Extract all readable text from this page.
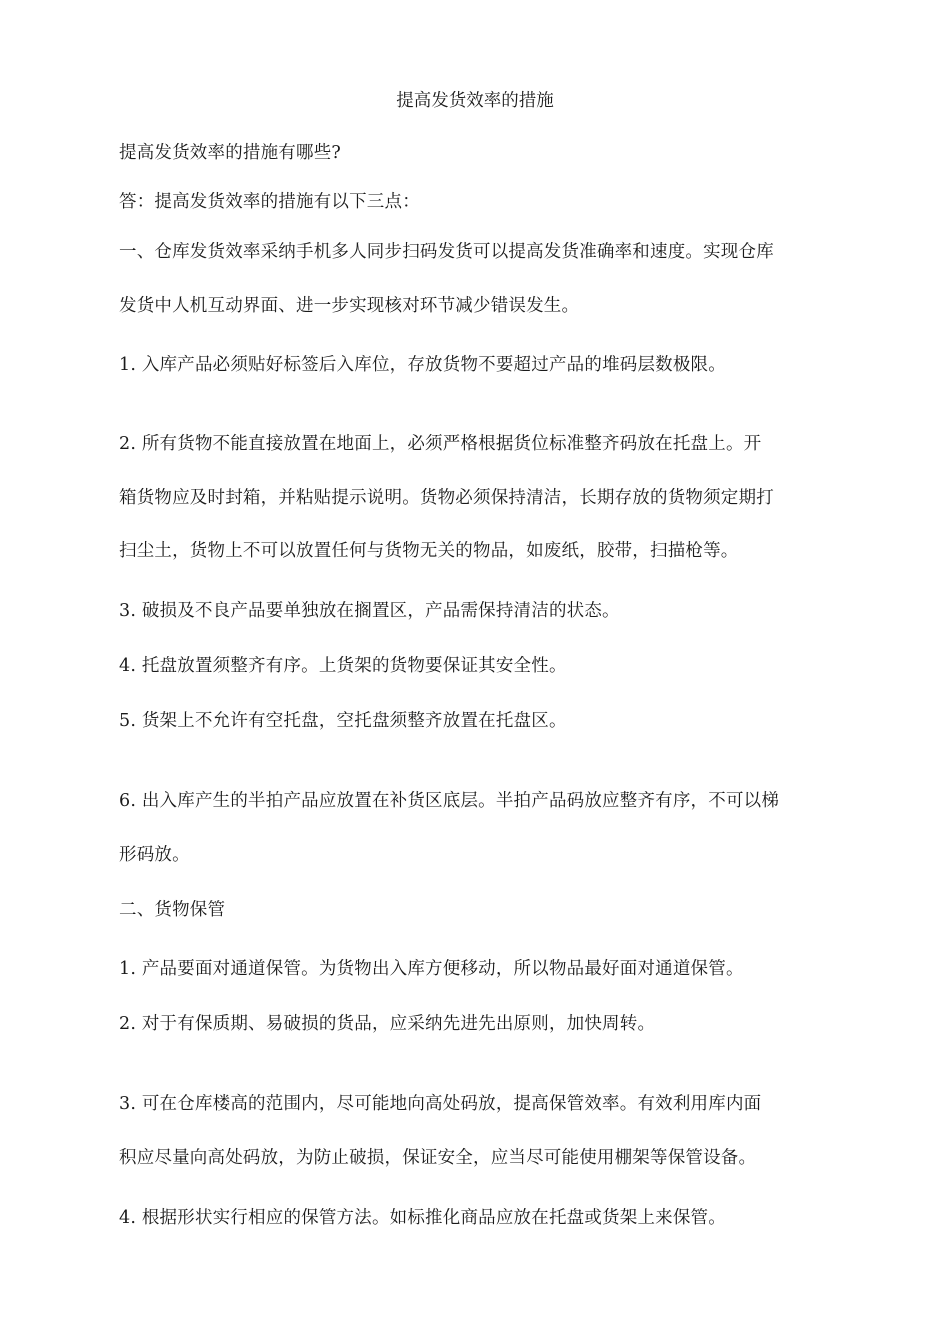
提高发货效率的措施
提高发货效率的措施有哪些?
答：提高发货效率的措施有以下三点：
一、仓库发货效率采纳手机多人同步扫码发货可以提高发货准确率和速度。实现仓库
发货中人机互动界面、进一步实现核对环节减少错误发生。
1. 入库产品必须贴好标签后入库位，存放货物不要超过产品的堆码层数极限。
2. 所有货物不能直接放置在地面上，必须严格根据货位标准整齐码放在托盘上。开
箱货物应及时封箱，并粘贴提示说明。货物必须保持清洁，长期存放的货物须定期打
扫尘土，货物上不可以放置任何与货物无关的物品，如废纸，胶带，扫描枪等。
3. 破损及不良产品要单独放在搁置区，产品需保持清洁的状态。
4. 托盘放置须整齐有序。上货架的货物要保证其安全性。
5. 货架上不允许有空托盘，空托盘须整齐放置在托盘区。
6. 出入库产生的半拍产品应放置在补货区底层。半拍产品码放应整齐有序，不可以梯
形码放。
二、货物保管
1. 产品要面对通道保管。为货物出入库方便移动，所以物品最好面对通道保管。
2. 对于有保质期、易破损的货品，应采纳先进先出原则，加快周转。
3. 可在仓库楼高的范围内，尽可能地向高处码放，提高保管效率。有效利用库内面
积应尽量向高处码放，为防止破损，保证安全，应当尽可能使用棚架等保管设备。
4. 根据形状实行相应的保管方法。如标推化商品应放在托盘或货架上来保管。
